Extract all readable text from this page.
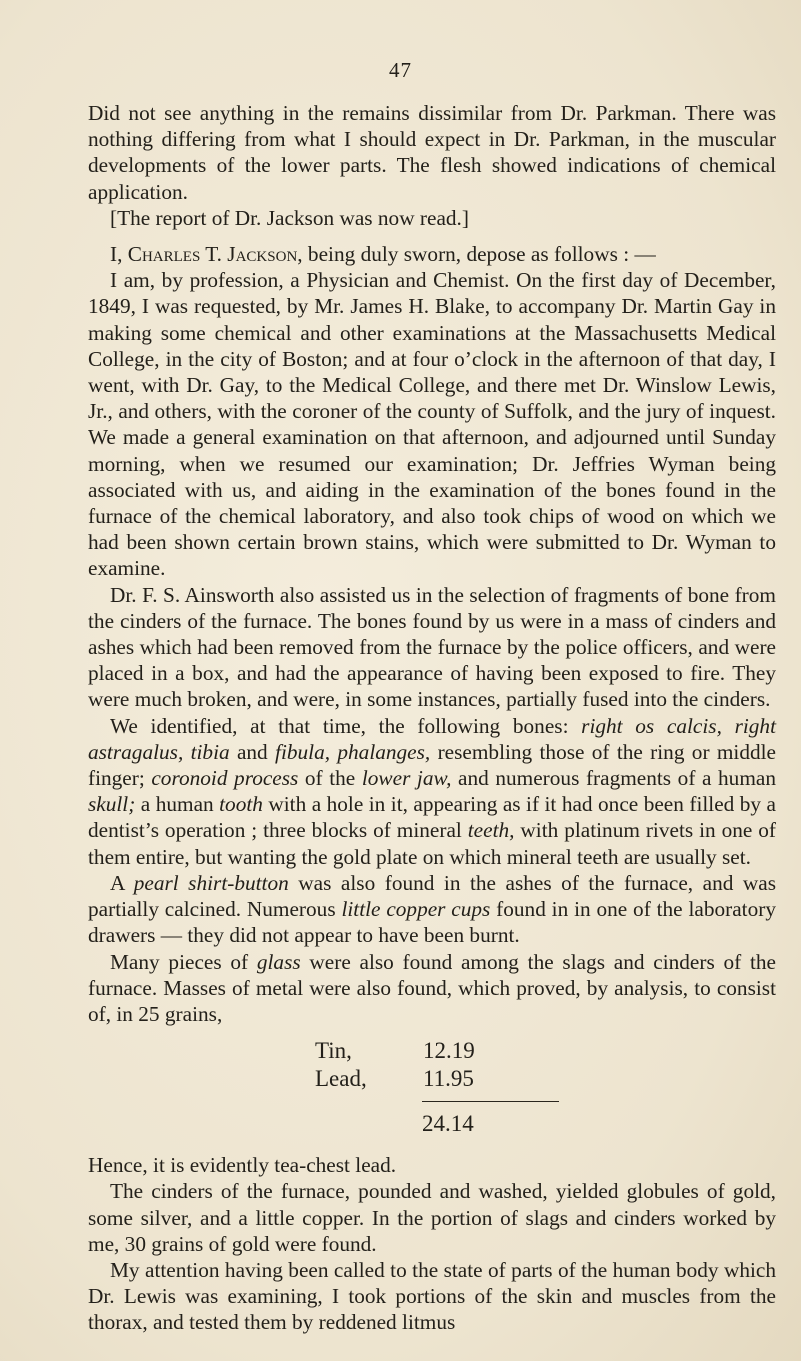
47

Did not see anything in the remains dissimilar from Dr. Parkman. There was nothing differing from what I should expect in Dr. Parkman, in the muscular developments of the lower parts. The flesh showed indications of chemical application.

[The report of Dr. Jackson was now read.]

I, Charles T. Jackson, being duly sworn, depose as follows : —

I am, by profession, a Physician and Chemist. On the first day of December, 1849, I was requested, by Mr. James H. Blake, to accompany Dr. Martin Gay in making some chemical and other examinations at the Massachusetts Medical College, in the city of Boston; and at four o’clock in the afternoon of that day, I went, with Dr. Gay, to the Medical College, and there met Dr. Winslow Lewis, Jr., and others, with the coroner of the county of Suffolk, and the jury of inquest. We made a general examination on that afternoon, and adjourned until Sunday morning, when we resumed our examination; Dr. Jeffries Wyman being associated with us, and aiding in the examination of the bones found in the furnace of the chemical laboratory, and also took chips of wood on which we had been shown certain brown stains, which were submitted to Dr. Wyman to examine.

Dr. F. S. Ainsworth also assisted us in the selection of fragments of bone from the cinders of the furnace. The bones found by us were in a mass of cinders and ashes which had been removed from the furnace by the police officers, and were placed in a box, and had the appearance of having been exposed to fire. They were much broken, and were, in some instances, partially fused into the cinders.

We identified, at that time, the following bones: right os calcis, right astragalus, tibia and fibula, phalanges, resembling those of the ring or middle finger; coronoid process of the lower jaw, and numerous fragments of a human skull; a human tooth with a hole in it, appearing as if it had once been filled by a dentist’s operation ; three blocks of mineral teeth, with platinum rivets in one of them entire, but wanting the gold plate on which mineral teeth are usually set.

A pearl shirt-button was also found in the ashes of the furnace, and was partially calcined. Numerous little copper cups found in in one of the laboratory drawers — they did not appear to have been burnt.

Many pieces of glass were also found among the slags and cinders of the furnace. Masses of metal were also found, which proved, by analysis, to consist of, in 25 grains,

Tin,	12.19
Lead,	11.95
24.14

Hence, it is evidently tea-chest lead.

The cinders of the furnace, pounded and washed, yielded globules of gold, some silver, and a little copper. In the portion of slags and cinders worked by me, 30 grains of gold were found.

My attention having been called to the state of parts of the human body which Dr. Lewis was examining, I took portions of the skin and muscles from the thorax, and tested them by reddened litmus
